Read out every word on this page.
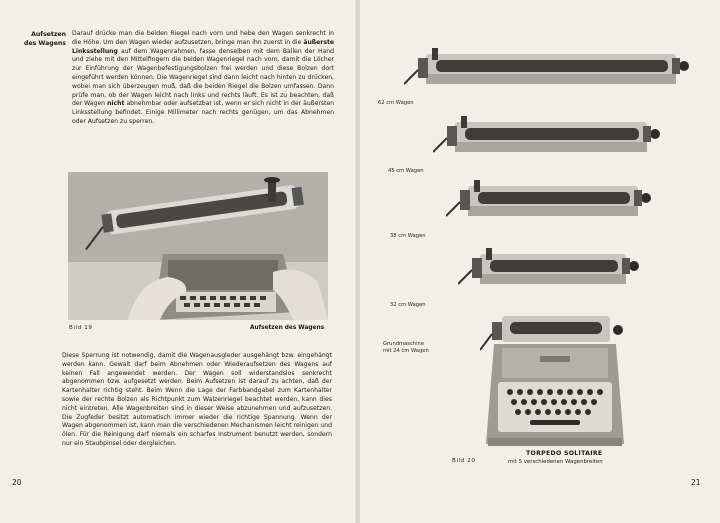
Aufsetzen
des Wagens

Darauf drücke man die beiden Riegel nach vorn und hebe den Wagen senkrecht in die Höhe. Um den Wagen wieder aufzusetzen, bringe man ihn zuerst in die äußerste Linksstellung auf dem Wagenrahmen, fasse denselben mit dem Ballen der Hand und ziehe mit den Mittelfingern die beiden Wagenriegel nach vorn, damit die Löcher zur Einführung der Wagenbefestigungsbolzen frei werden und diese Bolzen dort eingeführt werden können. Die Wagenriegel sind dann leicht nach hinten zu drücken, wobei man sich überzeugen muß, daß die beiden Riegel die Bolzen umfassen. Dann prüfe man, ob der Wagen leicht nach links und rechts läuft. Es ist zu beachten, daß der Wagen nicht abnehmbar oder aufsetzbar ist, wenn er sich nicht in der äußersten Linksstellung befindet. Einige Millimeter nach rechts genügen, um das Abnehmen oder Aufsetzen zu sperren.

Bild 19	Aufsetzen des Wagens

Diese Sperrung ist notwendig, damit die Wagenausgleder ausgehängt bzw. eingehängt werden kann. Gewalt darf beim Abnehmen oder Wiederaufsetzen des Wagens auf keinen Fall angewendet werden. Der Wagen soll widerstandslos senkrecht abgenommen bzw. aufgesetzt werden. Beim Aufsetzen ist darauf zu achten, daß der Kartenhalter richtig steht. Beim Wenn die Lage der Farbbandgabel zum Kartenhalter sowie der rechte Bolzen als Richtpunkt zum Walzenriegel beachtet werden, kann dies nicht eintreten. Alle Wagenbreiten sind in dieser Weise abzunehmen und aufzusetzen. Die Zugfeder besitzt automatisch immer wieder die richtige Spannung. Wenn der Wagen abgenommen ist, kann man die verschiedenen Mechanismen leicht reinigen und ölen. Für die Reinigung darf niemals ein scharfes Instrument benutzt werden, sondern nur ein Staubpinsel oder dergleichen.

20
62 cm Wagen
45 cm Wagen
38 cm Wagen
32 cm Wagen
Grundmaschine
mit 24 cm Wagen
Bild 20
TORPEDO SOLITAIRE
mit 5 verschiedenen Wagenbreiten
21
